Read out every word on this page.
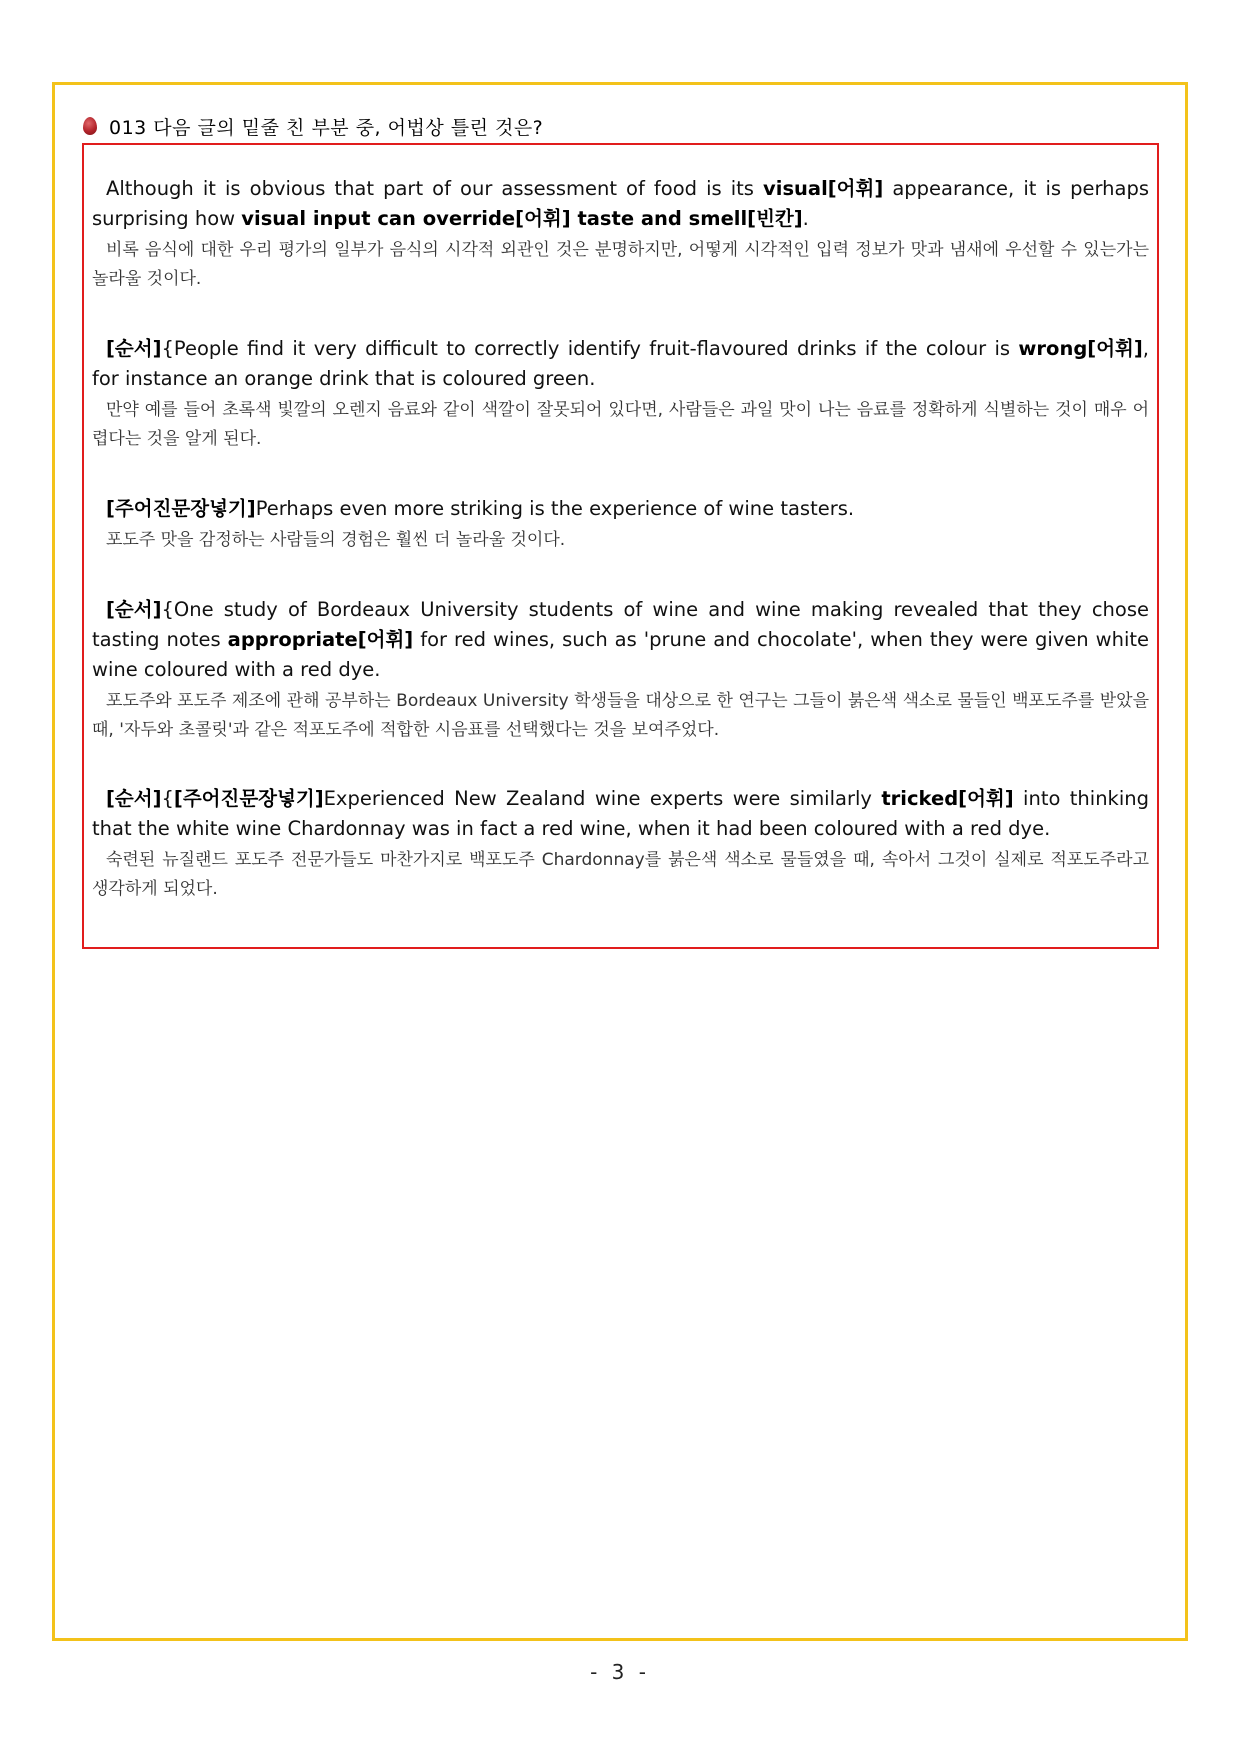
013 다음 글의 밑줄 친 부분 중, 어법상 틀린 것은?
Although it is obvious that part of our assessment of food is its visual[어휘] appearance, it is perhaps surprising how visual input can override[어휘] taste and smell[빈칸].
비록 음식에 대한 우리 평가의 일부가 음식의 시각적 외관인 것은 분명하지만, 어떻게 시각적인 입력 정보가 맛과 냄새에 우선할 수 있는가는 놀라울 것이다.
[순서]{People find it very difficult to correctly identify fruit-flavoured drinks if the colour is wrong[어휘], for instance an orange drink that is coloured green.
만약 예를 들어 초록색 빛깔의 오렌지 음료와 같이 색깔이 잘못되어 있다면, 사람들은 과일 맛이 나는 음료를 정확하게 식별하는 것이 매우 어렵다는 것을 알게 된다.
[주어진문장넣기]Perhaps even more striking is the experience of wine tasters.
포도주 맛을 감정하는 사람들의 경험은 훨씬 더 놀라울 것이다.
[순서]{One study of Bordeaux University students of wine and wine making revealed that they chose tasting notes appropriate[어휘] for red wines, such as 'prune and chocolate', when they were given white wine coloured with a red dye.
포도주와 포도주 제조에 관해 공부하는 Bordeaux University 학생들을 대상으로 한 연구는 그들이 붉은색 색소로 물들인 백포도주를 받았을 때, '자두와 초콜릿'과 같은 적포도주에 적합한 시음표를 선택했다는 것을 보여주었다.
[순서]{[주어진문장넣기]Experienced New Zealand wine experts were similarly tricked[어휘] into thinking that the white wine Chardonnay was in fact a red wine, when it had been coloured with a red dye.
숙련된 뉴질랜드 포도주 전문가들도 마찬가지로 백포도주 Chardonnay를 붉은색 색소로 물들였을 때, 속아서 그것이 실제로 적포도주라고 생각하게 되었다.
- 3 -
